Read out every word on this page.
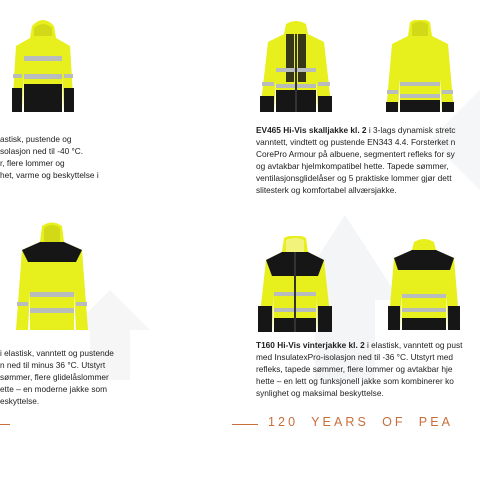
astisk, pustende og
solasjon ned til -40 °C.
r, flere lommer og
het, varme og beskyttelse i
EV465 Hi-Vis skalljakke kl. 2 i 3-lags dynamisk stretc
vanntett, vindtett og pustende EN343 4.4. Forsterket n
CorePro Armour på albuene, segmentert refleks for sy
og avtakbar hjelmkompatibel hette. Tapede sømmer,
ventilasjonsglidelåser og 5 praktiske lommer gjør dett
slitesterk og komfortabel allværsjakke.
i elastisk, vanntett og pustende
n ned til minus 36 °C. Utstyrt
sømmer, flere glidelåslommer
ette – en moderne jakke som
eskyttelse.
T160 Hi-Vis vinterjakke kl. 2 i elastisk, vanntett og pust
med InsulatexPro-isolasjon ned til -36 °C. Utstyrt med
refleks, tapede sømmer, flere lommer og avtakbar hje
hette – en lett og funksjonell jakke som kombinerer ko
synlighet og maksimal beskyttelse.
120  YEARS  OF  PEA
